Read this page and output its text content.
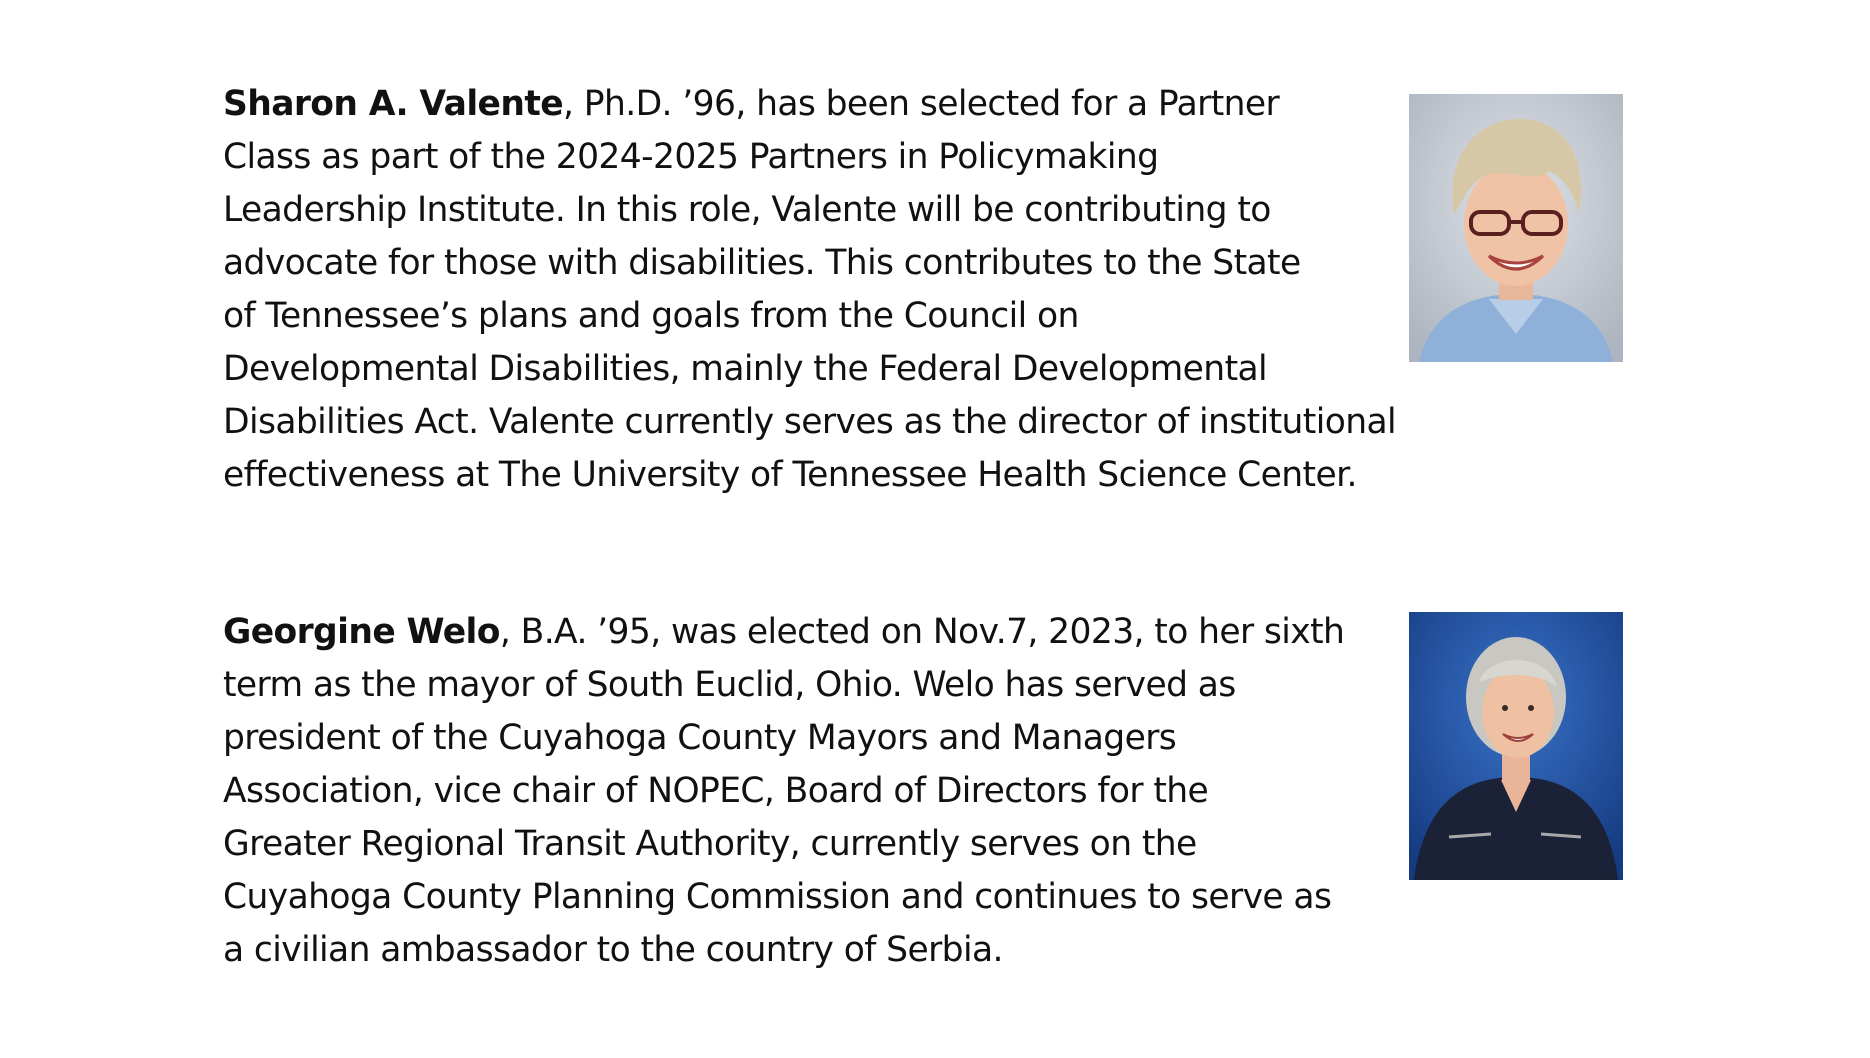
Sharon A. Valente, Ph.D. ’96, has been selected for a Partner
Class as part of the 2024-2025 Partners in Policymaking
Leadership Institute. In this role, Valente will be contributing to
advocate for those with disabilities. This contributes to the State
of Tennessee’s plans and goals from the Council on
Developmental Disabilities, mainly the Federal Developmental
Disabilities Act. Valente currently serves as the director of institutional
effectiveness at The University of Tennessee Health Science Center.
Georgine Welo, B.A. ’95, was elected on Nov.7, 2023, to her sixth
term as the mayor of South Euclid, Ohio. Welo has served as
president of the Cuyahoga County Mayors and Managers
Association, vice chair of NOPEC, Board of Directors for the
Greater Regional Transit Authority, currently serves on the
Cuyahoga County Planning Commission and continues to serve as
a civilian ambassador to the country of Serbia.
